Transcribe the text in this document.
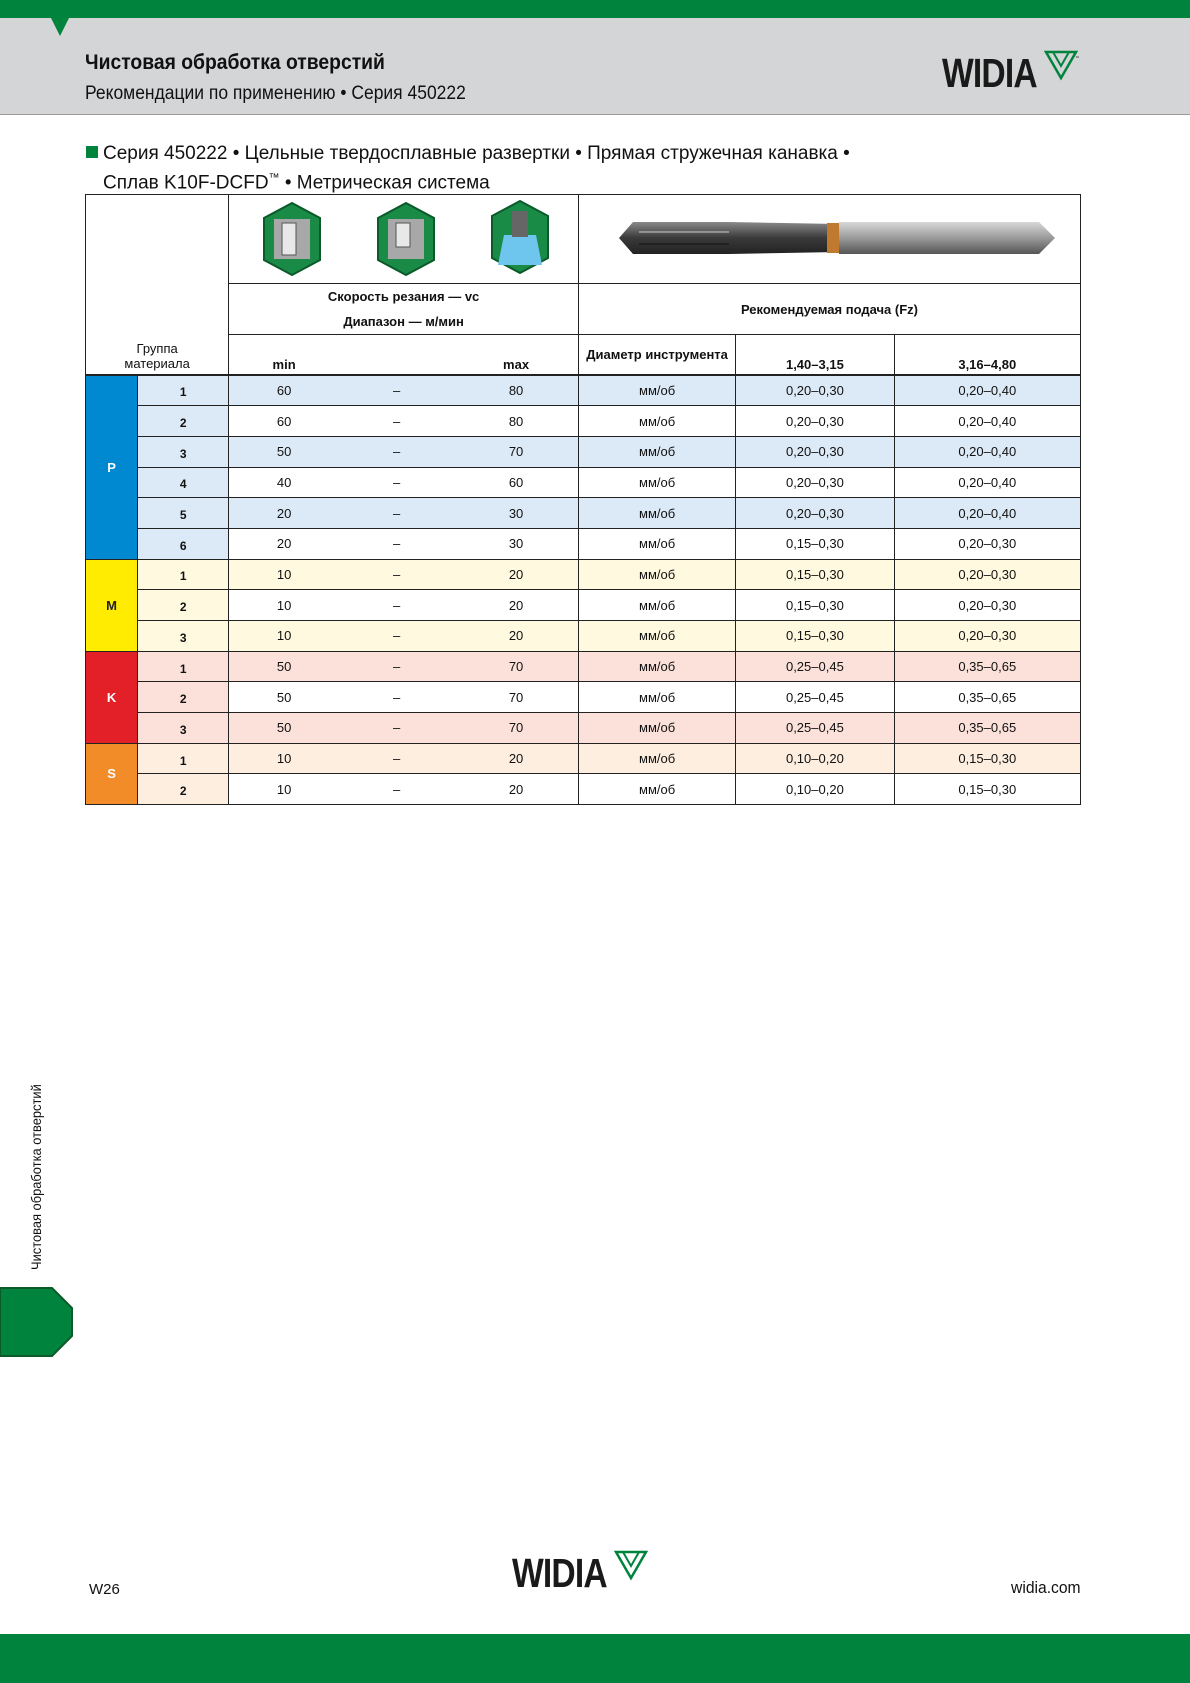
Чистовая обработка отверстий
Рекомендации по применению • Серия 450222	WIDIA	™
Серия 450222 • Цельные твердосплавные развертки • Прямая стружечная канавка •
Сплав K10F-DCFD™ • Метрическая система
Группа материала

		Скорость резания — vc
Диапазон — м/мин			Рекомендуемая подача (Fz)		
		min		max	Диаметр инструмента	1,40–3,15	3,16–4,80
P	1	60	–	80	мм/об	0,20–0,30	0,20–0,40
	2	60	–	80	мм/об	0,20–0,30	0,20–0,40
	3	50	–	70	мм/об	0,20–0,30	0,20–0,40
	4	40	–	60	мм/об	0,20–0,30	0,20–0,40
	5	20	–	30	мм/об	0,20–0,30	0,20–0,40
	6	20	–	30	мм/об	0,15–0,30	0,20–0,30
M	1	10	–	20	мм/об	0,15–0,30	0,20–0,30
	2	10	–	20	мм/об	0,15–0,30	0,20–0,30
	3	10	–	20	мм/об	0,15–0,30	0,20–0,30
K	1	50	–	70	мм/об	0,25–0,45	0,35–0,65
	2	50	–	70	мм/об	0,25–0,45	0,35–0,65
	3	50	–	70	мм/об	0,25–0,45	0,35–0,65
S	1	10	–	20	мм/об	0,10–0,20	0,15–0,30
	2	10	–	20	мм/об	0,10–0,20	0,15–0,30
Чистовая обработка отверстий
W26	WIDIA	widia.com
